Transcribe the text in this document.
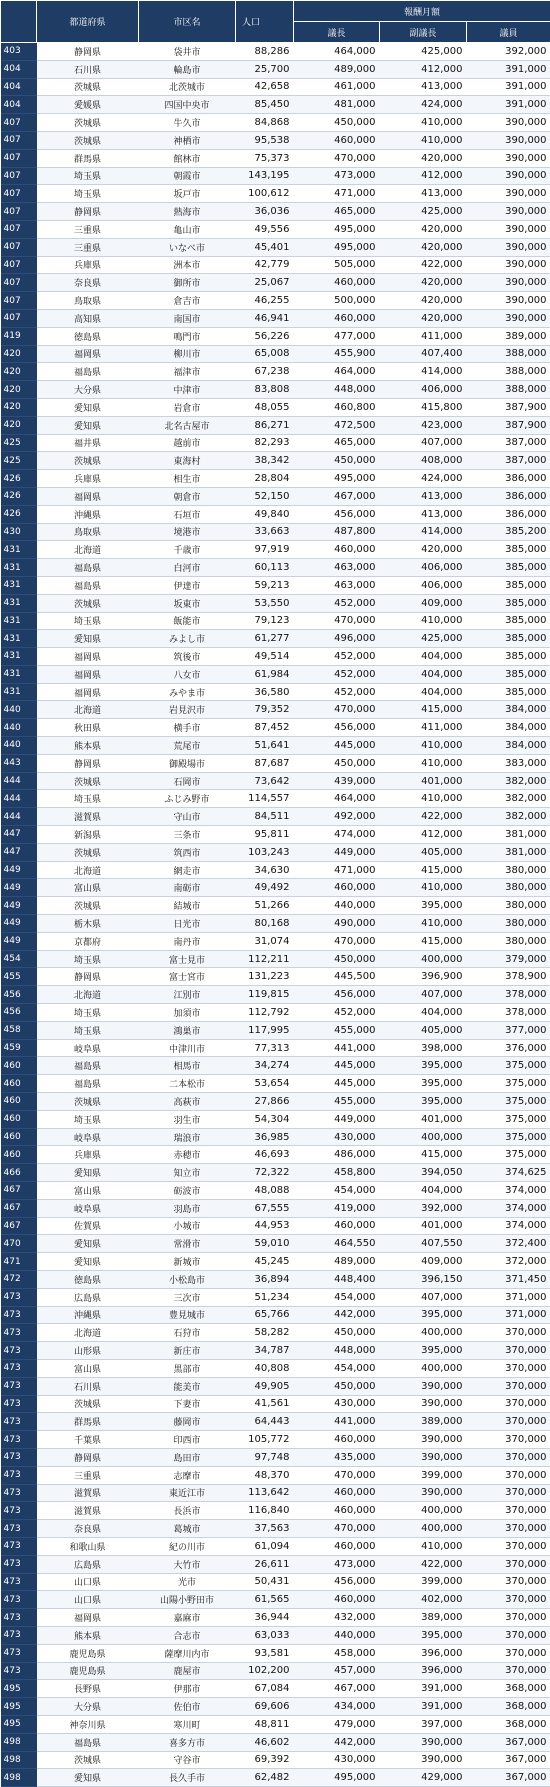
	都道府県	市区名	人口	報酬月額		
				議長	副議長	議員
403	静岡県	袋井市	88,286	464,000	425,000	392,000
404	石川県	輪島市	25,700	489,000	412,000	391,000
404	茨城県	北茨城市	42,658	461,000	413,000	391,000
404	愛媛県	四国中央市	85,450	481,000	424,000	391,000
407	茨城県	牛久市	84,868	450,000	410,000	390,000
407	茨城県	神栖市	95,538	460,000	410,000	390,000
407	群馬県	館林市	75,373	470,000	420,000	390,000
407	埼玉県	朝霞市	143,195	473,000	412,000	390,000
407	埼玉県	坂戸市	100,612	471,000	413,000	390,000
407	静岡県	熱海市	36,036	465,000	425,000	390,000
407	三重県	亀山市	49,556	495,000	420,000	390,000
407	三重県	いなべ市	45,401	495,000	420,000	390,000
407	兵庫県	洲本市	42,779	505,000	422,000	390,000
407	奈良県	御所市	25,067	460,000	420,000	390,000
407	鳥取県	倉吉市	46,255	500,000	420,000	390,000
407	高知県	南国市	46,941	460,000	420,000	390,000
419	徳島県	鳴門市	56,226	477,000	411,000	389,000
420	福岡県	柳川市	65,008	455,900	407,400	388,000
420	福島県	福津市	67,238	464,000	414,000	388,000
420	大分県	中津市	83,808	448,000	406,000	388,000
420	愛知県	岩倉市	48,055	460,800	415,800	387,900
420	愛知県	北名古屋市	86,271	472,500	423,000	387,900
425	福井県	越前市	82,293	465,000	407,000	387,000
425	茨城県	東海村	38,342	450,000	408,000	387,000
426	兵庫県	相生市	28,804	495,000	424,000	386,000
426	福岡県	朝倉市	52,150	467,000	413,000	386,000
426	沖縄県	石垣市	49,840	456,000	413,000	386,000
430	鳥取県	境港市	33,663	487,800	414,000	385,200
431	北海道	千歳市	97,919	460,000	420,000	385,000
431	福島県	白河市	60,113	463,000	406,000	385,000
431	福島県	伊達市	59,213	463,000	406,000	385,000
431	茨城県	坂東市	53,550	452,000	409,000	385,000
431	埼玉県	飯能市	79,123	470,000	410,000	385,000
431	愛知県	みよし市	61,277	496,000	425,000	385,000
431	福岡県	筑後市	49,514	452,000	404,000	385,000
431	福岡県	八女市	61,984	452,000	404,000	385,000
431	福岡県	みやま市	36,580	452,000	404,000	385,000
440	北海道	岩見沢市	79,352	470,000	415,000	384,000
440	秋田県	横手市	87,452	456,000	411,000	384,000
440	熊本県	荒尾市	51,641	445,000	410,000	384,000
443	静岡県	御殿場市	87,687	450,000	410,000	383,000
444	茨城県	石岡市	73,642	439,000	401,000	382,000
444	埼玉県	ふじみ野市	114,557	464,000	410,000	382,000
444	滋賀県	守山市	84,511	492,000	422,000	382,000
447	新潟県	三条市	95,811	474,000	412,000	381,000
447	茨城県	筑西市	103,243	449,000	405,000	381,000
449	北海道	網走市	34,630	471,000	415,000	380,000
449	富山県	南砺市	49,492	460,000	410,000	380,000
449	茨城県	結城市	51,266	440,000	395,000	380,000
449	栃木県	日光市	80,168	490,000	410,000	380,000
449	京都府	南丹市	31,074	470,000	415,000	380,000
454	埼玉県	富士見市	112,211	450,000	400,000	379,000
455	静岡県	富士宮市	131,223	445,500	396,900	378,900
456	北海道	江別市	119,815	456,000	407,000	378,000
456	埼玉県	加須市	112,792	452,000	404,000	378,000
458	埼玉県	鴻巣市	117,995	455,000	405,000	377,000
459	岐阜県	中津川市	77,313	441,000	398,000	376,000
460	福島県	相馬市	34,274	445,000	395,000	375,000
460	福島県	二本松市	53,654	445,000	395,000	375,000
460	茨城県	高萩市	27,866	455,000	395,000	375,000
460	埼玉県	羽生市	54,304	449,000	401,000	375,000
460	岐阜県	瑞浪市	36,985	430,000	400,000	375,000
460	兵庫県	赤穂市	46,693	486,000	415,000	375,000
466	愛知県	知立市	72,322	458,800	394,050	374,625
467	富山県	砺波市	48,088	454,000	404,000	374,000
467	岐阜県	羽島市	67,555	419,000	392,000	374,000
467	佐賀県	小城市	44,953	460,000	401,000	374,000
470	愛知県	常滑市	59,010	464,550	407,550	372,400
471	愛知県	新城市	45,245	489,000	409,000	372,000
472	徳島県	小松島市	36,894	448,400	396,150	371,450
473	広島県	三次市	51,234	454,000	407,000	371,000
473	沖縄県	豊見城市	65,766	442,000	395,000	371,000
473	北海道	石狩市	58,282	450,000	400,000	370,000
473	山形県	新庄市	34,787	448,000	395,000	370,000
473	富山県	黒部市	40,808	454,000	400,000	370,000
473	石川県	能美市	49,905	450,000	390,000	370,000
473	茨城県	下妻市	41,561	430,000	390,000	370,000
473	群馬県	藤岡市	64,443	441,000	389,000	370,000
473	千葉県	印西市	105,772	460,000	390,000	370,000
473	静岡県	島田市	97,748	435,000	390,000	370,000
473	三重県	志摩市	48,370	470,000	399,000	370,000
473	滋賀県	東近江市	113,642	460,000	390,000	370,000
473	滋賀県	長浜市	116,840	460,000	400,000	370,000
473	奈良県	葛城市	37,563	470,000	400,000	370,000
473	和歌山県	紀の川市	61,094	460,000	410,000	370,000
473	広島県	大竹市	26,611	473,000	422,000	370,000
473	山口県	光市	50,431	456,000	399,000	370,000
473	山口県	山陽小野田市	61,565	460,000	402,000	370,000
473	福岡県	嘉麻市	36,944	432,000	389,000	370,000
473	熊本県	合志市	63,033	440,000	395,000	370,000
473	鹿児島県	薩摩川内市	93,581	458,000	396,000	370,000
473	鹿児島県	鹿屋市	102,200	457,000	396,000	370,000
495	長野県	伊那市	67,084	467,000	391,000	368,000
495	大分県	佐伯市	69,606	434,000	391,000	368,000
495	神奈川県	寒川町	48,811	479,000	397,000	368,000
498	福島県	喜多方市	46,602	442,000	390,000	367,000
498	茨城県	守谷市	69,392	430,000	390,000	367,000
498	愛知県	長久手市	62,482	495,000	429,000	367,000
